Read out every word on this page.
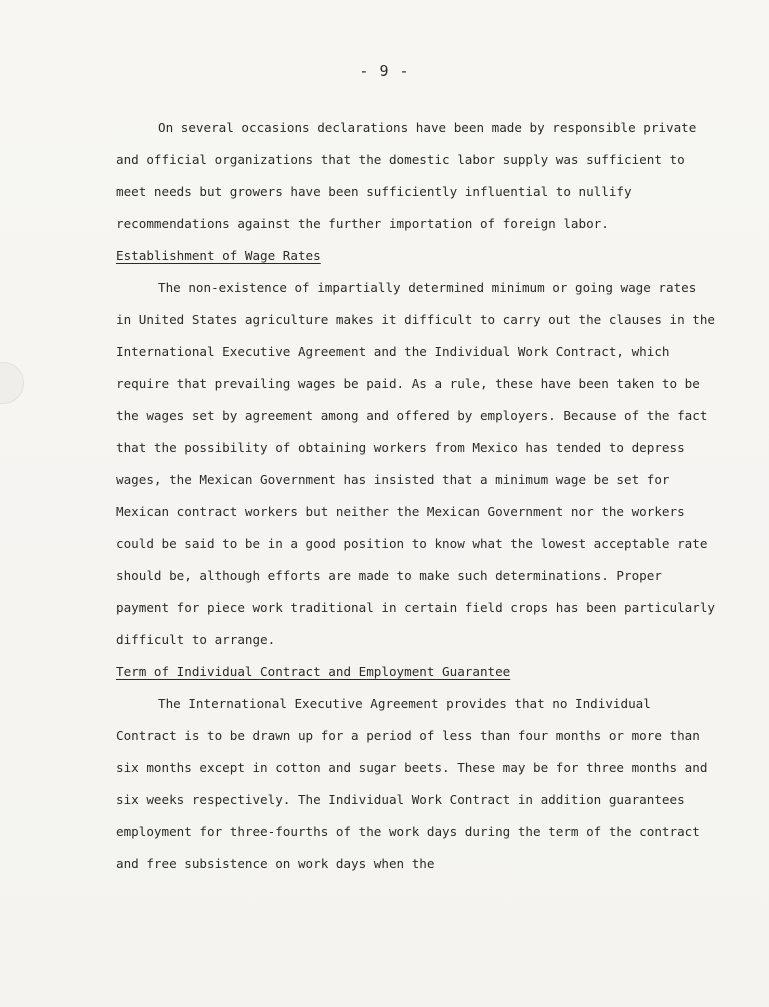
- 9 -

On several occasions declarations have been made by responsible private and official organizations that the domestic labor supply was sufficient to meet needs but growers have been sufficiently influential to nullify recommendations against the further importation of foreign labor.

Establishment of Wage Rates

The non-existence of impartially determined minimum or going wage rates in United States agriculture makes it difficult to carry out the clauses in the International Executive Agreement and the Individual Work Contract, which require that prevailing wages be paid. As a rule, these have been taken to be the wages set by agreement among and offered by employers. Because of the fact that the possibility of obtaining workers from Mexico has tended to depress wages, the Mexican Government has insisted that a minimum wage be set for Mexican contract workers but neither the Mexican Government nor the workers could be said to be in a good position to know what the lowest acceptable rate should be, although efforts are made to make such determinations. Proper payment for piece work traditional in certain field crops has been particularly difficult to arrange.

Term of Individual Contract and Employment Guarantee

The International Executive Agreement provides that no Individual Contract is to be drawn up for a period of less than four months or more than six months except in cotton and sugar beets. These may be for three months and six weeks respectively. The Individual Work Contract in addition guarantees employment for three-fourths of the work days during the term of the contract and free subsistence on work days when the
